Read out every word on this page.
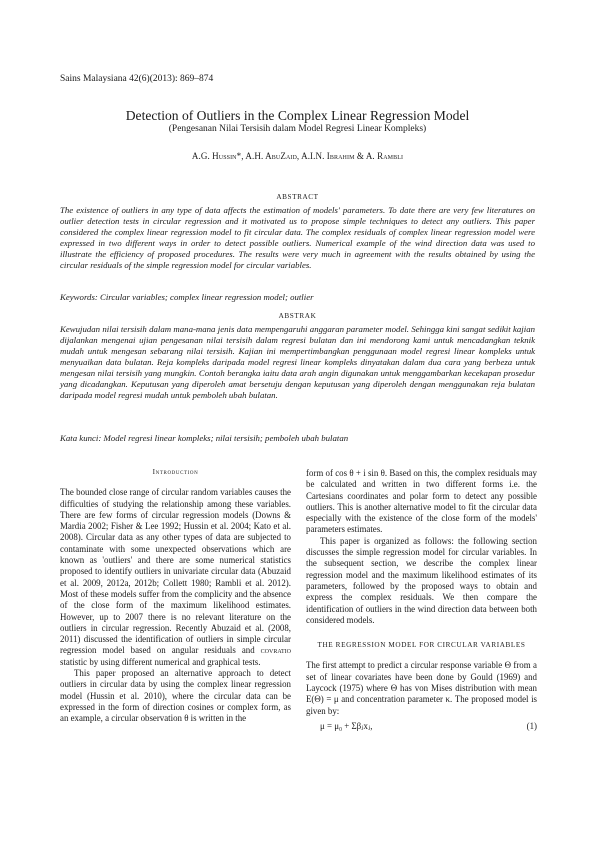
Sains Malaysiana 42(6)(2013): 869–874
Detection of Outliers in the Complex Linear Regression Model
(Pengesanan Nilai Tersisih dalam Model Regresi Linear Kompleks)
A.G. Hussin*, A.H. AbuZaid, A.I.N. Ibrahim & A. Rambli
ABSTRACT
The existence of outliers in any type of data affects the estimation of models' parameters. To date there are very few literatures on outlier detection tests in circular regression and it motivated us to propose simple techniques to detect any outliers. This paper considered the complex linear regression model to fit circular data. The complex residuals of complex linear regression model were expressed in two different ways in order to detect possible outliers. Numerical example of the wind direction data was used to illustrate the efficiency of proposed procedures. The results were very much in agreement with the results obtained by using the circular residuals of the simple regression model for circular variables.
Keywords: Circular variables; complex linear regression model; outlier
ABSTRAK
Kewujudan nilai tersisih dalam mana-mana jenis data mempengaruhi anggaran parameter model. Sehingga kini sangat sedikit kajian dijalankan mengenai ujian pengesanan nilai tersisih dalam regresi bulatan dan ini mendorong kami untuk mencadangkan teknik mudah untuk mengesan sebarang nilai tersisih. Kajian ini mempertimbangkan penggunaan model regresi linear kompleks untuk menyuaikan data bulatan. Reja kompleks daripada model regresi linear kompleks dinyatakan dalam dua cara yang berbeza untuk mengesan nilai tersisih yang mungkin. Contoh berangka iaitu data arah angin digunakan untuk menggambarkan kecekapan prosedur yang dicadangkan. Keputusan yang diperoleh amat bersetuju dengan keputusan yang diperoleh dengan menggunakan reja bulatan daripada model regresi mudah untuk pemboleh ubah bulatan.
Kata kunci: Model regresi linear kompleks; nilai tersisih; pemboleh ubah bulatan
Introduction

The bounded close range of circular random variables causes the difficulties of studying the relationship among these variables. There are few forms of circular regression models (Downs & Mardia 2002; Fisher & Lee 1992; Hussin et al. 2004; Kato et al. 2008). Circular data as any other types of data are subjected to contaminate with some unexpected observations which are known as 'outliers' and there are some numerical statistics proposed to identify outliers in univariate circular data (Abuzaid et al. 2009, 2012a, 2012b; Collett 1980; Rambli et al. 2012). Most of these models suffer from the complicity and the absence of the close form of the maximum likelihood estimates. However, up to 2007 there is no relevant literature on the outliers in circular regression. Recently Abuzaid et al. (2008, 2011) discussed the identification of outliers in simple circular regression model based on angular residuals and covratio statistic by using different numerical and graphical tests.

This paper proposed an alternative approach to detect outliers in circular data by using the complex linear regression model (Hussin et al. 2010), where the circular data can be expressed in the form of direction cosines or complex form, as an example, a circular observation θ is written in the

form of cos θ + i sin θ. Based on this, the complex residuals may be calculated and written in two different forms i.e. the Cartesians coordinates and polar form to detect any possible outliers. This is another alternative model to fit the circular data especially with the existence of the close form of the models' parameters estimates.

This paper is organized as follows: the following section discusses the simple regression model for circular variables. In the subsequent section, we describe the complex linear regression model and the maximum likelihood estimates of its parameters, followed by the proposed ways to obtain and express the complex residuals. We then compare the identification of outliers in the wind direction data between both considered models.

THE REGRESSION MODEL FOR CIRCULAR VARIABLES

The first attempt to predict a circular response variable Θ from a set of linear covariates have been done by Gould (1969) and Laycock (1975) where Θ has von Mises distribution with mean E(Θ) = μ and concentration parameter κ. The proposed model is given by:

μ = μ₀ + Σβⱼxⱼ,	(1)
